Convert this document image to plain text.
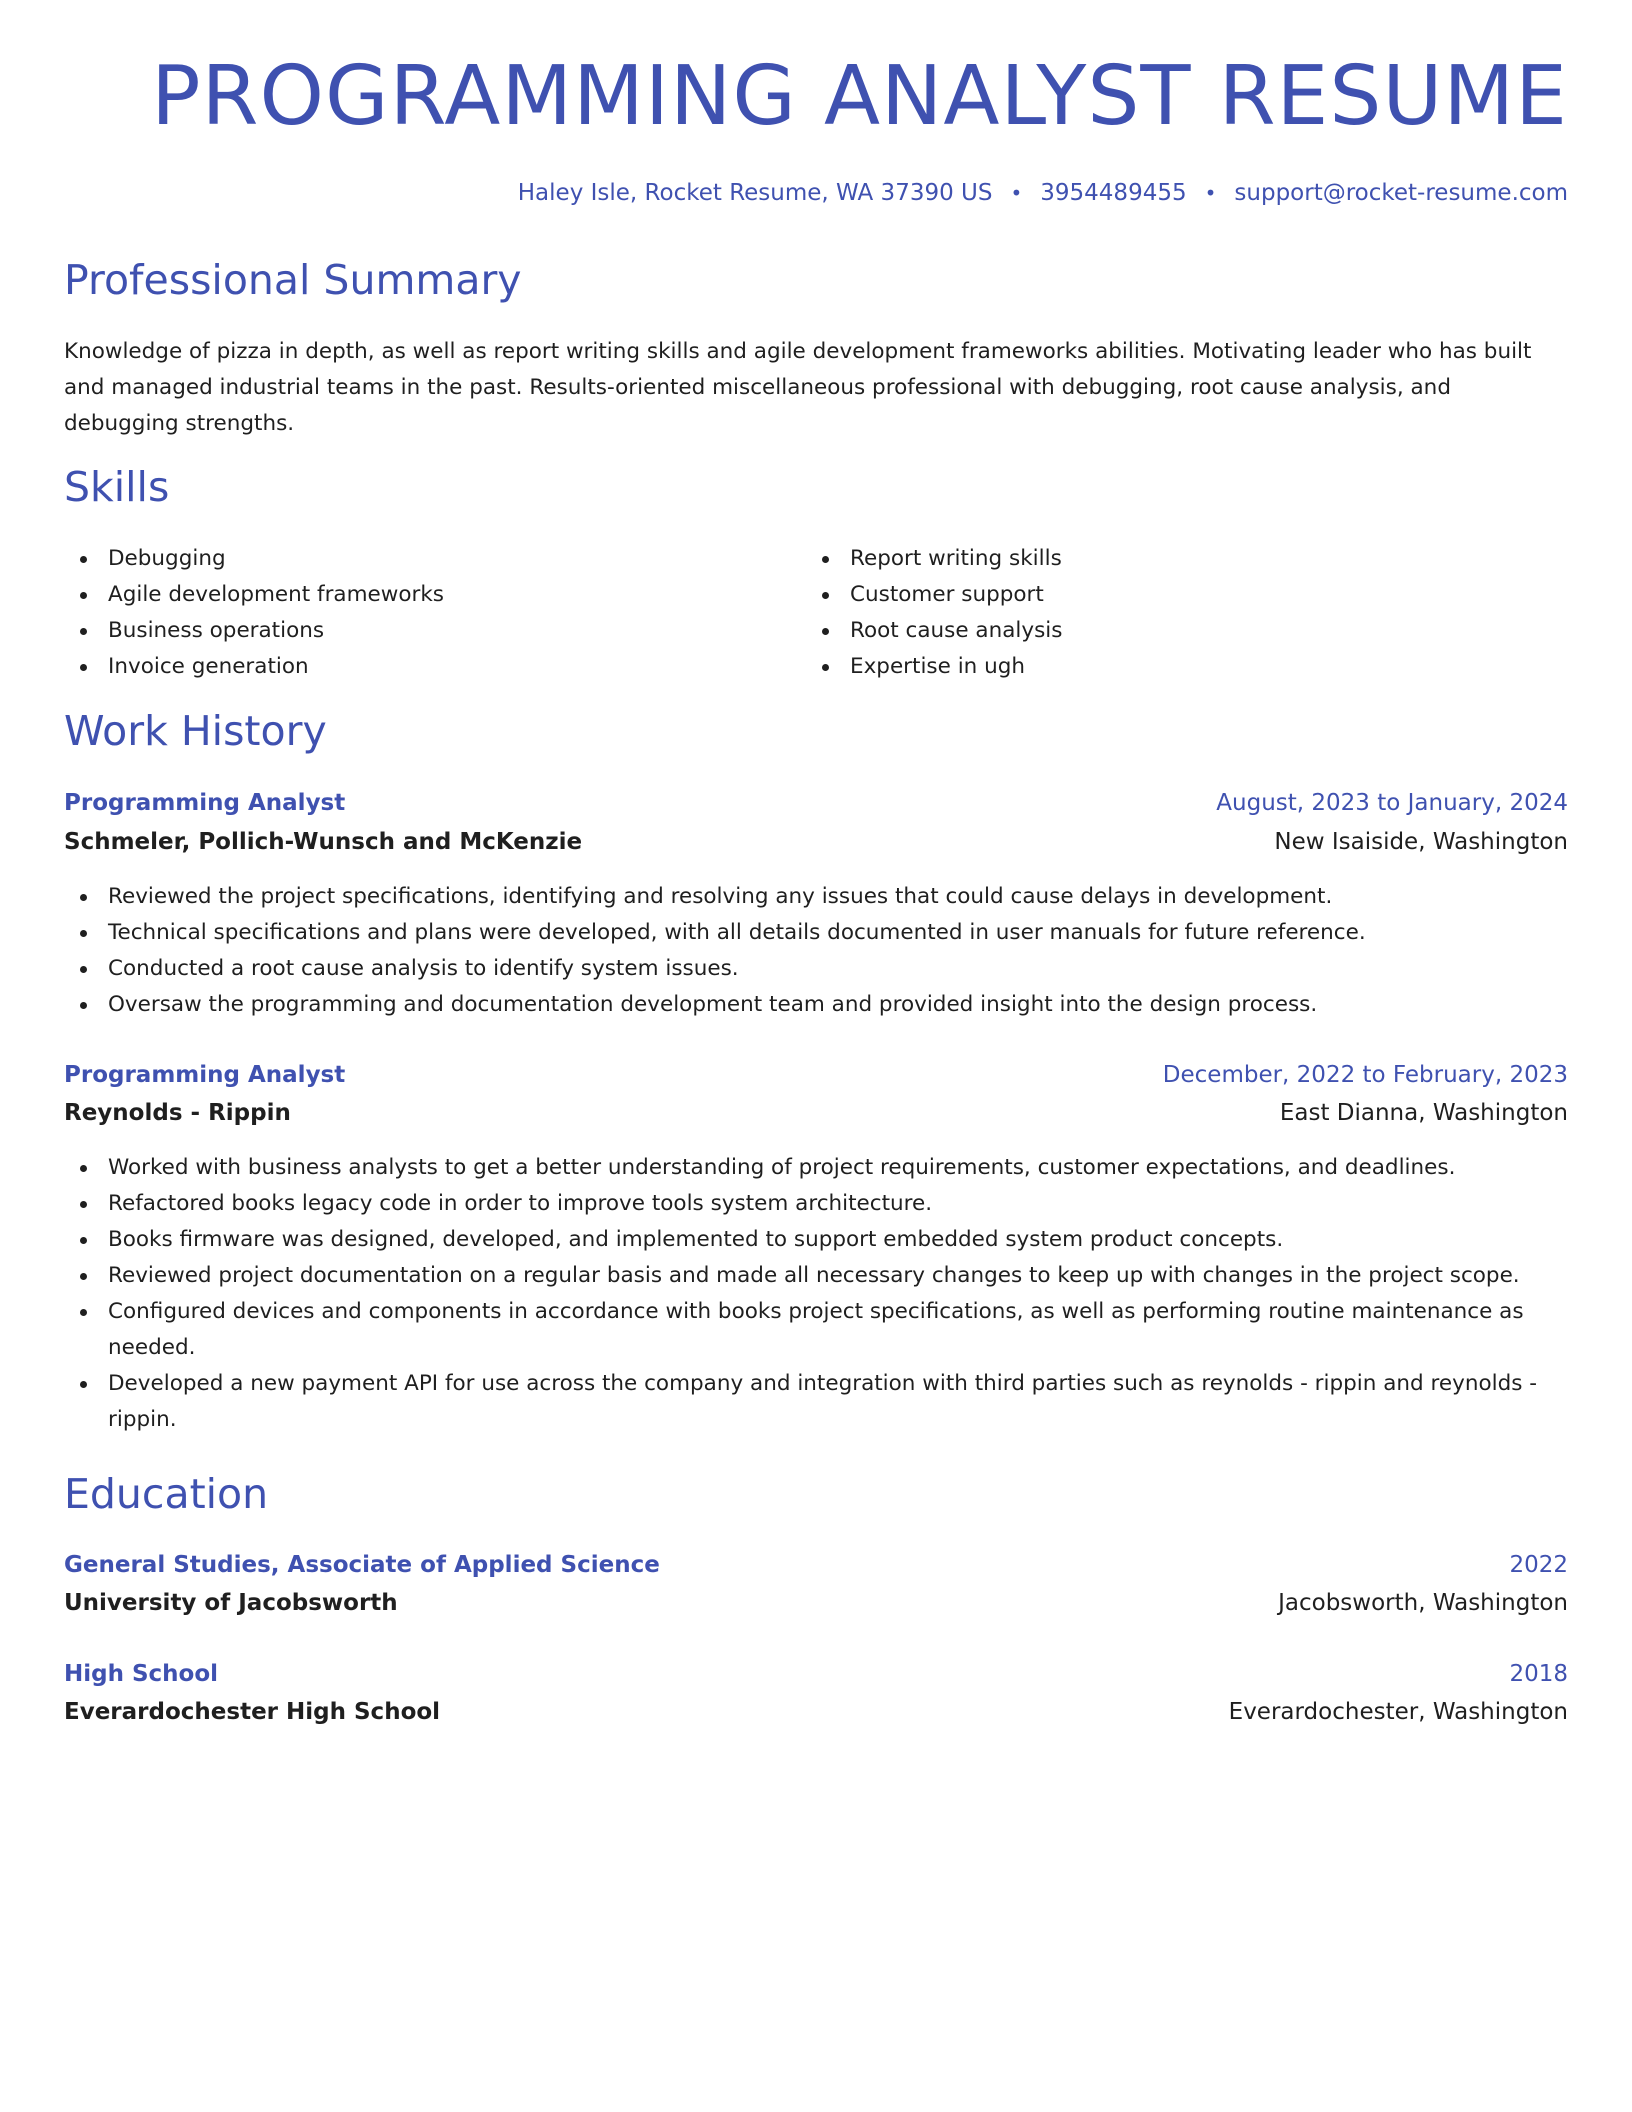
PROGRAMMING ANALYST RESUME
Haley Isle, Rocket Resume, WA 37390 US • 3954489455 • support@rocket-resume.com
Professional Summary

Knowledge of pizza in depth, as well as report writing skills and agile development frameworks abilities. Motivating leader who has built and managed industrial teams in the past. Results-oriented miscellaneous professional with debugging, root cause analysis, and debugging strengths.

Skills
Debugging
Agile development frameworks
Business operations
Invoice generation
Report writing skills
Customer support
Root cause analysis
Expertise in ugh
Work History
Programming Analyst	August, 2023 to January, 2024
Schmeler, Pollich-Wunsch and McKenzie	New Isaiside, Washington
Reviewed the project specifications, identifying and resolving any issues that could cause delays in development.
Technical specifications and plans were developed, with all details documented in user manuals for future reference.
Conducted a root cause analysis to identify system issues.
Oversaw the programming and documentation development team and provided insight into the design process.
Programming Analyst	December, 2022 to February, 2023
Reynolds - Rippin	East Dianna, Washington
Worked with business analysts to get a better understanding of project requirements, customer expectations, and deadlines.
Refactored books legacy code in order to improve tools system architecture.
Books firmware was designed, developed, and implemented to support embedded system product concepts.
Reviewed project documentation on a regular basis and made all necessary changes to keep up with changes in the project scope.
Configured devices and components in accordance with books project specifications, as well as performing routine maintenance as needed.
Developed a new payment API for use across the company and integration with third parties such as reynolds - rippin and reynolds - rippin.
Education
General Studies, Associate of Applied Science	2022
University of Jacobsworth	Jacobsworth, Washington
High School	2018
Everardochester High School	Everardochester, Washington
